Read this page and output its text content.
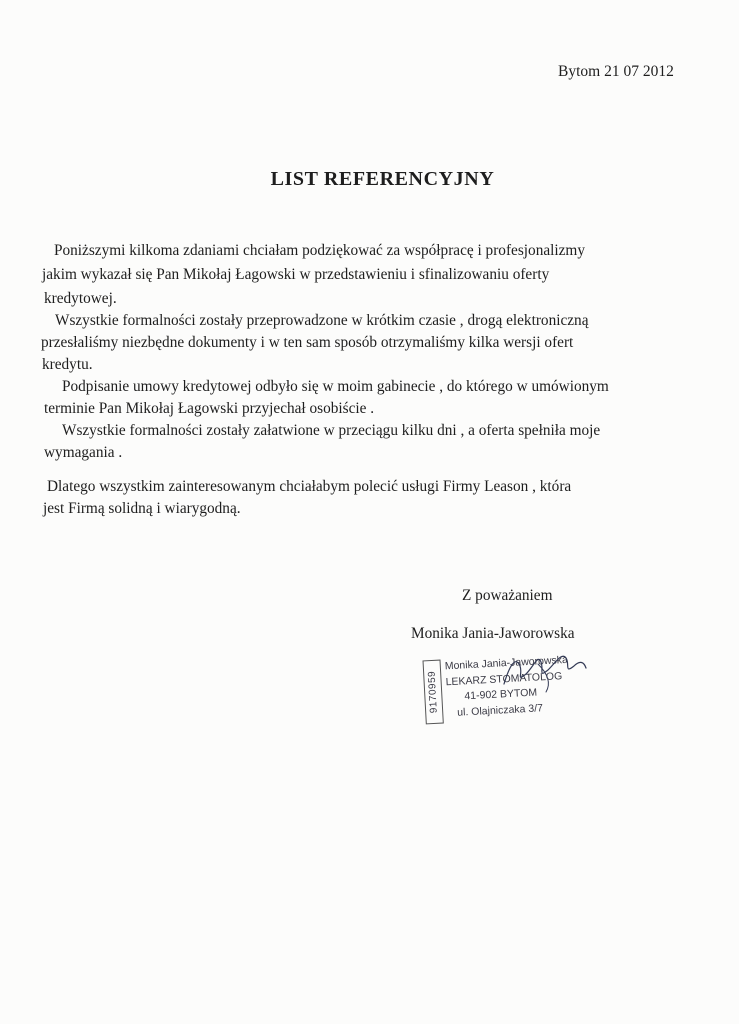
Bytom 21 07 2012
LIST REFERENCYJNY

Poniższymi kilkoma zdaniami chciałam podziękować za współpracę i profesjonalizmy

jakim wykazał się Pan Mikołaj Łagowski w przedstawieniu i sfinalizowaniu oferty

kredytowej.

Wszystkie formalności zostały przeprowadzone w krótkim czasie , drogą elektroniczną

przesłaliśmy niezbędne dokumenty i w ten sam sposób otrzymaliśmy kilka wersji ofert

kredytu.

Podpisanie umowy kredytowej odbyło się w moim gabinecie , do którego w umówionym

terminie Pan Mikołaj Łagowski przyjechał osobiście .

Wszystkie formalności zostały załatwione w przeciągu kilku dni , a oferta spełniła moje

wymagania .

Dlatego wszystkim zainteresowanym chciałabym polecić usługi Firmy Leason , która

jest Firmą solidną i wiarygodną.

Z poważaniem
Monika Jania-Jaworowska
9170959
Monika Jania-Jaworowska
LEKARZ STOMATOLOG
41-902 BYTOM
ul. Olajniczaka 3/7
